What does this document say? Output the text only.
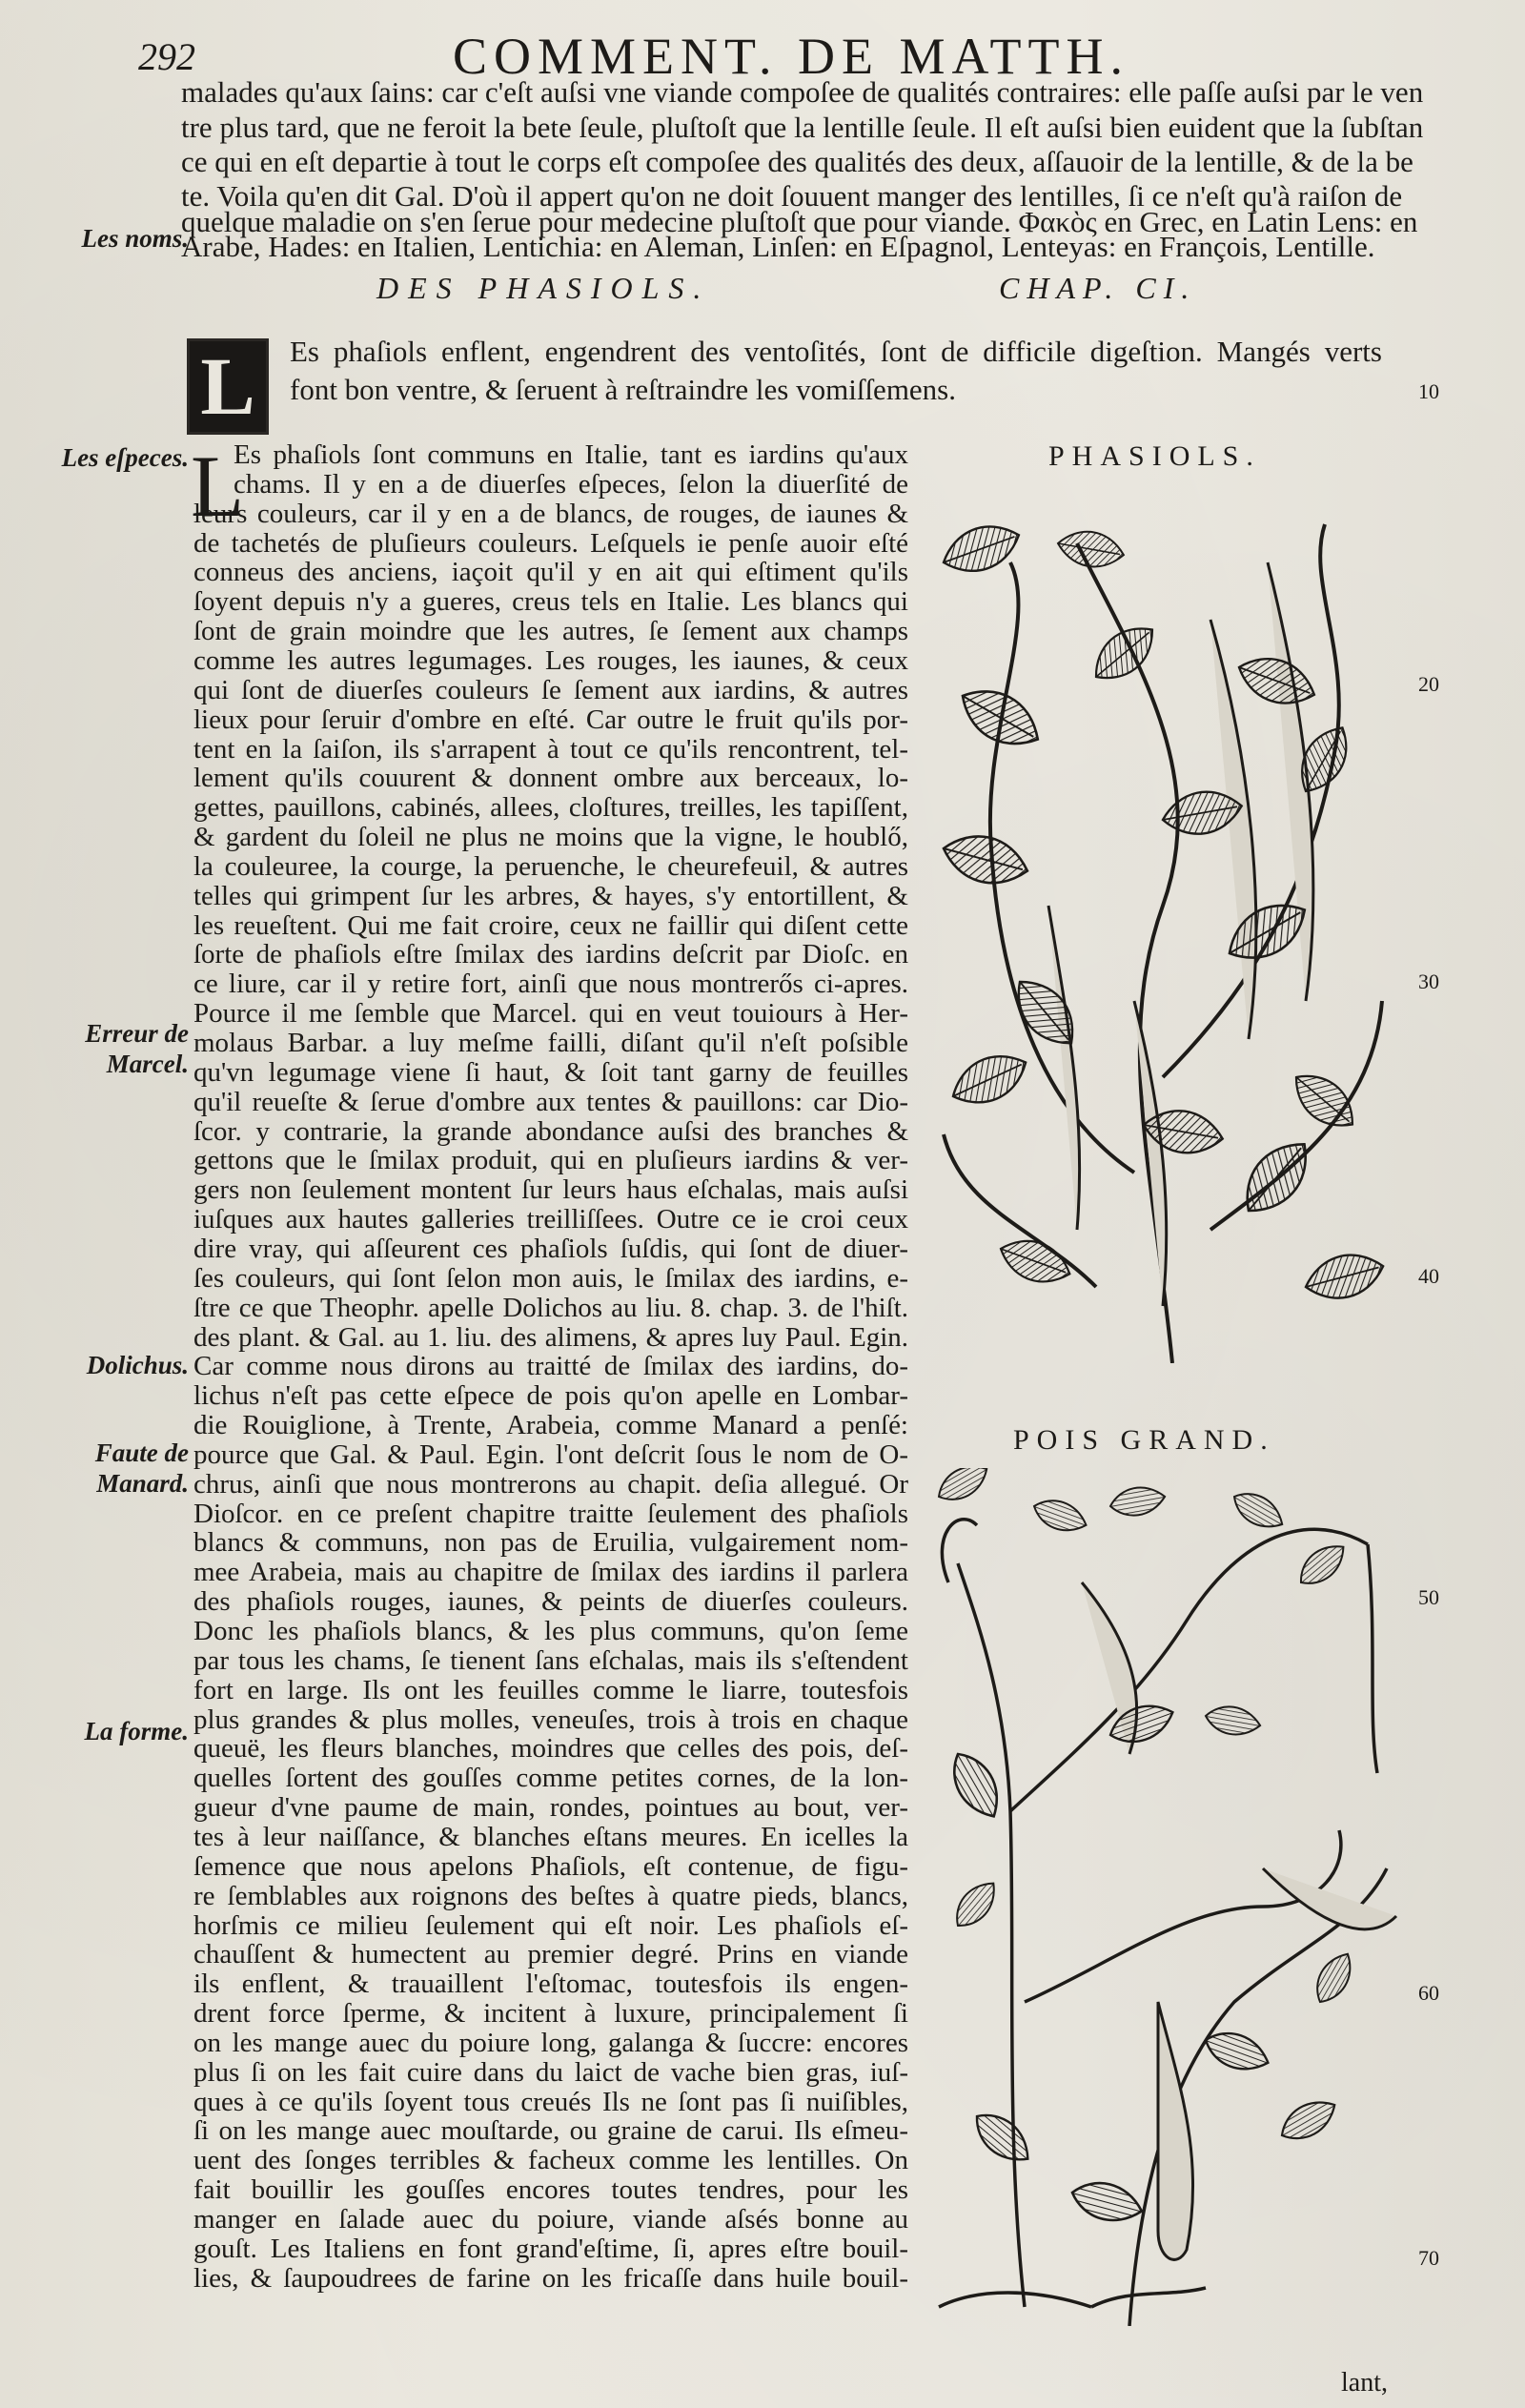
292	COMMENT. DE MATTH.
malades qu'aux ſains: car c'eſt auſsi vne viande compoſee de qualités contraires: elle paſſe auſsi par le ven
tre plus tard, que ne feroit la bete ſeule, pluſtoſt que la lentille ſeule. Il eſt auſsi bien euident que la ſubſtan
ce qui en eſt departie à tout le corps eſt compoſee des qualités des deux, aſſauoir de la lentille, & de la be
te. Voila qu'en dit Gal. D'où il appert qu'on ne doit ſouuent manger des lentilles, ſi ce n'eſt qu'à raiſon de
quelque maladie on s'en ſerue pour medecine pluſtoſt que pour viande. Φακὸς en Grec, en Latin Lens: en
Arabe, Hades: en Italien, Lentichia: en Aleman, Linſen: en Eſpagnol, Lenteyas: en François, Lentille.
Les noms.
DES PHASIOLS.	CHAP. CI.
L	Es phaſiols enflent, engendrent des ventoſités, ſont de difficile digeſtion. Mangés verts
font bon ventre, & ſeruent à reſtraindre les vomiſſemens.
L
Es phaſiols ſont communs en Italie, tant es iardins qu'aux
chams. Il y en a de diuerſes eſpeces, ſelon la diuerſité de
leurs couleurs, car il y en a de blancs, de rouges, de iaunes &
de tachetés de pluſieurs couleurs. Leſquels ie penſe auoir eſté
conneus des anciens, iaçoit qu'il y en ait qui eſtiment qu'ils
ſoyent depuis n'y a gueres, creus tels en Italie. Les blancs qui
ſont de grain moindre que les autres, ſe ſement aux champs
comme les autres legumages. Les rouges, les iaunes, & ceux
qui ſont de diuerſes couleurs ſe ſement aux iardins, & autres
lieux pour ſeruir d'ombre en eſté. Car outre le fruit qu'ils por-
tent en la ſaiſon, ils s'arrapent à tout ce qu'ils rencontrent, tel-
lement qu'ils couurent & donnent ombre aux berceaux, lo-
gettes, pauillons, cabinés, allees, cloſtures, treilles, les tapiſſent,
& gardent du ſoleil ne plus ne moins que la vigne, le houblő,
la couleuree, la courge, la peruenche, le cheurefeuil, & autres
telles qui grimpent ſur les arbres, & hayes, s'y entortillent, &
les reueſtent. Qui me fait croire, ceux ne faillir qui diſent cette
ſorte de phaſiols eſtre ſmilax des iardins deſcrit par Dioſc. en
ce liure, car il y retire fort, ainſi que nous montrerős ci-apres.
Pource il me ſemble que Marcel. qui en veut touiours à Her-
molaus Barbar. a luy meſme failli, diſant qu'il n'eſt poſsible
qu'vn legumage viene ſi haut, & ſoit tant garny de feuilles
qu'il reueſte & ſerue d'ombre aux tentes & pauillons: car Dio-
ſcor. y contrarie, la grande abondance auſsi des branches &
gettons que le ſmilax produit, qui en pluſieurs iardins & ver-
gers non ſeulement montent ſur leurs haus eſchalas, mais auſsi
iuſques aux hautes galleries treilliſſees. Outre ce ie croi ceux
dire vray, qui aſſeurent ces phaſiols ſuſdis, qui ſont de diuer-
ſes couleurs, qui ſont ſelon mon auis, le ſmilax des iardins, e-
ſtre ce que Theophr. apelle Dolichos au liu. 8. chap. 3. de l'hiſt.
des plant. & Gal. au 1. liu. des alimens, & apres luy Paul. Egin.
Car comme nous dirons au traitté de ſmilax des iardins, do-
lichus n'eſt pas cette eſpece de pois qu'on apelle en Lombar-
die Rouiglione, à Trente, Arabeia, comme Manard a penſé:
pource que Gal. & Paul. Egin. l'ont deſcrit ſous le nom de O-
chrus, ainſi que nous montrerons au chapit. deſia allegué. Or
Dioſcor. en ce preſent chapitre traitte ſeulement des phaſiols
blancs & communs, non pas de Eruilia, vulgairement nom-
mee Arabeia, mais au chapitre de ſmilax des iardins il parlera
des phaſiols rouges, iaunes, & peints de diuerſes couleurs.
Donc les phaſiols blancs, & les plus communs, qu'on ſeme
par tous les chams, ſe tienent ſans eſchalas, mais ils s'eſtendent
fort en large. Ils ont les feuilles comme le liarre, toutesfois
plus grandes & plus molles, veneuſes, trois à trois en chaque
queuë, les fleurs blanches, moindres que celles des pois, deſ-
quelles ſortent des gouſſes comme petites cornes, de la lon-
gueur d'vne paume de main, rondes, pointues au bout, ver-
tes à leur naiſſance, & blanches eſtans meures. En icelles la
ſemence que nous apelons Phaſiols, eſt contenue, de figu-
re ſemblables aux roignons des beſtes à quatre pieds, blancs,
horſmis ce milieu ſeulement qui eſt noir. Les phaſiols eſ-
chauſſent & humectent au premier degré. Prins en viande
ils enflent, & trauaillent l'eſtomac, toutesfois ils engen-
drent force ſperme, & incitent à luxure, principalement ſi
on les mange auec du poiure long, galanga & ſuccre: encores
plus ſi on les fait cuire dans du laict de vache bien gras, iuſ-
ques à ce qu'ils ſoyent tous creués Ils ne ſont pas ſi nuiſibles,
ſi on les mange auec mouſtarde, ou graine de carui. Ils eſmeu-
uent des ſonges terribles & facheux comme les lentilles. On
fait bouillir les gouſſes encores toutes tendres, pour les
manger en ſalade auec du poiure, viande aſsés bonne au
gouſt. Les Italiens en font grand'eſtime, ſi, apres eſtre bouil-
lies, & ſaupoudrees de farine on les fricaſſe dans huile bouil-
Les eſpeces.
Erreur de
Marcel.
Dolichus.
Faute de
Manard.
La forme.
PHASIOLS.
POIS GRAND.
10
20
30
40
50
60
70
lant,
